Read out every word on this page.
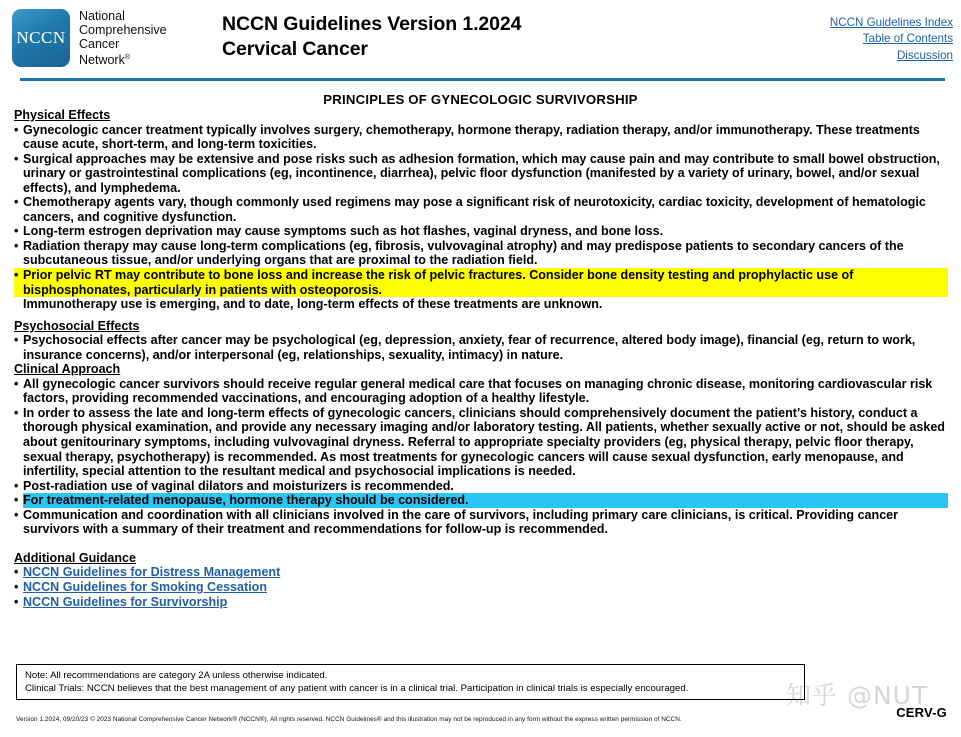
NCCN
National
Comprehensive
Cancer
Network®
NCCN Guidelines Version 1.2024
Cervical Cancer
NCCN Guidelines Index
Table of Contents
Discussion
PRINCIPLES OF GYNECOLOGIC SURVIVORSHIP
Physical Effects
• Gynecologic cancer treatment typically involves surgery, chemotherapy, hormone therapy, radiation therapy, and/or immunotherapy. These treatments cause acute, short-term, and long-term toxicities.
• Surgical approaches may be extensive and pose risks such as adhesion formation, which may cause pain and may contribute to small bowel obstruction, urinary or gastrointestinal complications (eg, incontinence, diarrhea), pelvic floor dysfunction (manifested by a variety of urinary, bowel, and/or sexual effects), and lymphedema.
• Chemotherapy agents vary, though commonly used regimens may pose a significant risk of neurotoxicity, cardiac toxicity, development of hematologic cancers, and cognitive dysfunction.
• Long-term estrogen deprivation may cause symptoms such as hot flashes, vaginal dryness, and bone loss.
• Radiation therapy may cause long-term complications (eg, fibrosis, vulvovaginal atrophy) and may predispose patients to secondary cancers of the subcutaneous tissue, and/or underlying organs that are proximal to the radiation field.
• Prior pelvic RT may contribute to bone loss and increase the risk of pelvic fractures. Consider bone density testing and prophylactic use of bisphosphonates, particularly in patients with osteoporosis.
Immunotherapy use is emerging, and to date, long-term effects of these treatments are unknown.
Psychosocial Effects
• Psychosocial effects after cancer may be psychological (eg, depression, anxiety, fear of recurrence, altered body image), financial (eg, return to work, insurance concerns), and/or interpersonal (eg, relationships, sexuality, intimacy) in nature.
Clinical Approach
• All gynecologic cancer survivors should receive regular general medical care that focuses on managing chronic disease, monitoring cardiovascular risk factors, providing recommended vaccinations, and encouraging adoption of a healthy lifestyle.
• In order to assess the late and long-term effects of gynecologic cancers, clinicians should comprehensively document the patient’s history, conduct a thorough physical examination, and provide any necessary imaging and/or laboratory testing. All patients, whether sexually active or not, should be asked about genitourinary symptoms, including vulvovaginal dryness. Referral to appropriate specialty providers (eg, physical therapy, pelvic floor therapy, sexual therapy, psychotherapy) is recommended. As most treatments for gynecologic cancers will cause sexual dysfunction, early menopause, and infertility, special attention to the resultant medical and psychosocial implications is needed.
• Post-radiation use of vaginal dilators and moisturizers is recommended.
• For treatment-related menopause, hormone therapy should be considered.
• Communication and coordination with all clinicians involved in the care of survivors, including primary care clinicians, is critical. Providing cancer survivors with a summary of their treatment and recommendations for follow-up is recommended.
Additional Guidance
• NCCN Guidelines for Distress Management
• NCCN Guidelines for Smoking Cessation
• NCCN Guidelines for Survivorship
Note: All recommendations are category 2A unless otherwise indicated.
Clinical Trials: NCCN believes that the best management of any patient with cancer is in a clinical trial. Participation in clinical trials is especially encouraged.	知乎 @NUT
Version 1.2024, 09/20/23 © 2023 National Comprehensive Cancer Network® (NCCN®), All rights reserved. NCCN Guidelines® and this illustration may not be reproduced in any form without the express written permission of NCCN.	CERV-G
